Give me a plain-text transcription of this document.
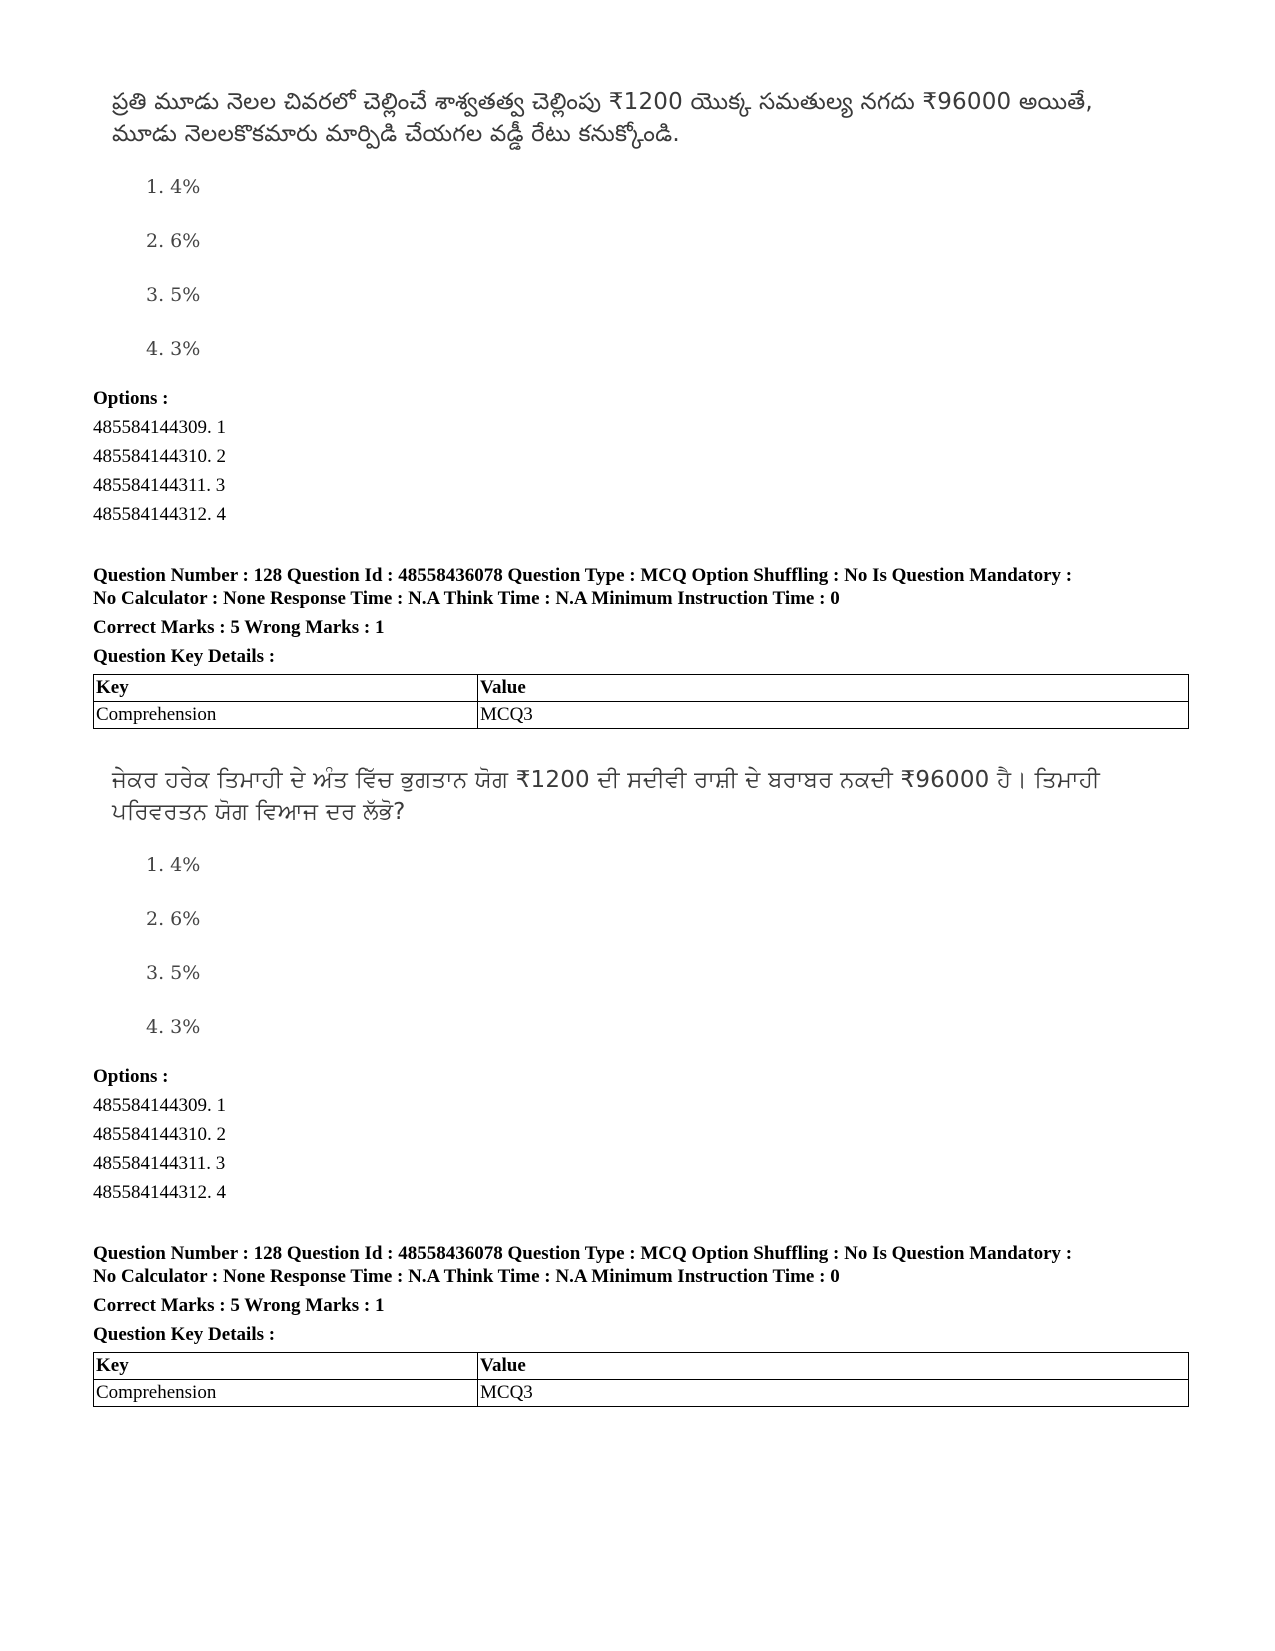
ప్రతి మూడు నెలల చివరలో చెల్లించే శాశ్వతత్వ చెల్లింపు ₹1200 యొక్క సమతుల్య నగదు ₹96000 అయితే, మూడు నెలలకొకమారు మార్పిడి చేయగల వడ్డీ రేటు కనుక్కోండి.
1. 4%
2. 6%
3. 5%
4. 3%
Options :
485584144309. 1
485584144310. 2
485584144311. 3
485584144312. 4
Question Number : 128 Question Id : 48558436078 Question Type : MCQ Option Shuffling : No Is Question Mandatory :
No Calculator : None Response Time : N.A Think Time : N.A Minimum Instruction Time : 0
Correct Marks : 5 Wrong Marks : 1
Question Key Details :
Key	Value
Comprehension	MCQ3
ਜੇਕਰ ਹਰੇਕ ਤਿਮਾਹੀ ਦੇ ਅੰਤ ਵਿੱਚ ਭੁਗਤਾਨ ਯੋਗ ₹1200 ਦੀ ਸਦੀਵੀ ਰਾਸ਼ੀ ਦੇ ਬਰਾਬਰ ਨਕਦੀ ₹96000 ਹੈ। ਤਿਮਾਹੀ ਪਰਿਵਰਤਨ ਯੋਗ ਵਿਆਜ ਦਰ ਲੱਭੋ?
1. 4%
2. 6%
3. 5%
4. 3%
Options :
485584144309. 1
485584144310. 2
485584144311. 3
485584144312. 4
Question Number : 128 Question Id : 48558436078 Question Type : MCQ Option Shuffling : No Is Question Mandatory :
No Calculator : None Response Time : N.A Think Time : N.A Minimum Instruction Time : 0
Correct Marks : 5 Wrong Marks : 1
Question Key Details :
Key	Value
Comprehension	MCQ3
